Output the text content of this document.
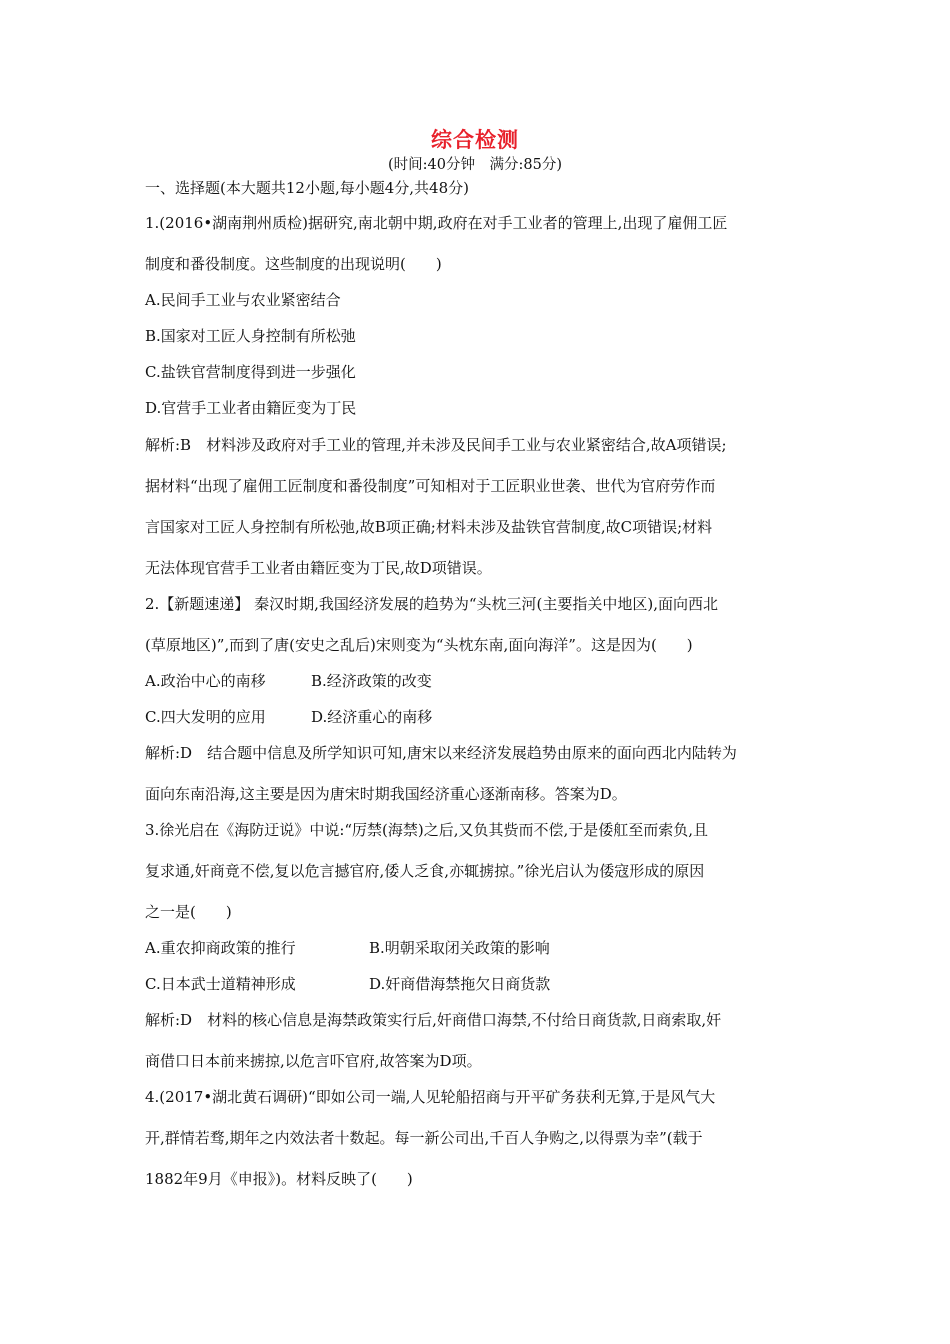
综合检测
(时间:40分钟　满分:85分)
一、选择题(本大题共12小题,每小题4分,共48分)
1.(2016•湖南荆州质检)据研究,南北朝中期,政府在对手工业者的管理上,出现了雇佣工匠
制度和番役制度。这些制度的出现说明(　　)
A.民间手工业与农业紧密结合
B.国家对工匠人身控制有所松弛
C.盐铁官营制度得到进一步强化
D.官营手工业者由籍匠变为丁民
解析:B　材料涉及政府对手工业的管理,并未涉及民间手工业与农业紧密结合,故A项错误;
据材料“出现了雇佣工匠制度和番役制度”可知相对于工匠职业世袭、世代为官府劳作而
言国家对工匠人身控制有所松弛,故B项正确;材料未涉及盐铁官营制度,故C项错误;材料
无法体现官营手工业者由籍匠变为丁民,故D项错误。
2.【新题速递】 秦汉时期,我国经济发展的趋势为“头枕三河(主要指关中地区),面向西北
(草原地区)”,而到了唐(安史之乱后)宋则变为“头枕东南,面向海洋”。这是因为(　　)
A.政治中心的南移	B.经济政策的改变
C.四大发明的应用	D.经济重心的南移
解析:D　结合题中信息及所学知识可知,唐宋以来经济发展趋势由原来的面向西北内陆转为
面向东南沿海,这主要是因为唐宋时期我国经济重心逐渐南移。答案为D。
3.徐光启在《海防迂说》中说:“厉禁(海禁)之后,又负其赀而不偿,于是倭舡至而索负,且
复求通,奸商竟不偿,复以危言撼官府,倭人乏食,亦辄掳掠。”徐光启认为倭寇形成的原因
之一是(　　)
A.重农抑商政策的推行	B.明朝采取闭关政策的影响
C.日本武士道精神形成	D.奸商借海禁拖欠日商货款
解析:D　材料的核心信息是海禁政策实行后,奸商借口海禁,不付给日商货款,日商索取,奸
商借口日本前来掳掠,以危言吓官府,故答案为D项。
4.(2017•湖北黄石调研)“即如公司一端,人见轮船招商与开平矿务获利无算,于是风气大
开,群情若骛,期年之内效法者十数起。每一新公司出,千百人争购之,以得票为幸”(载于
1882年9月《申报》)。材料反映了(　　)
